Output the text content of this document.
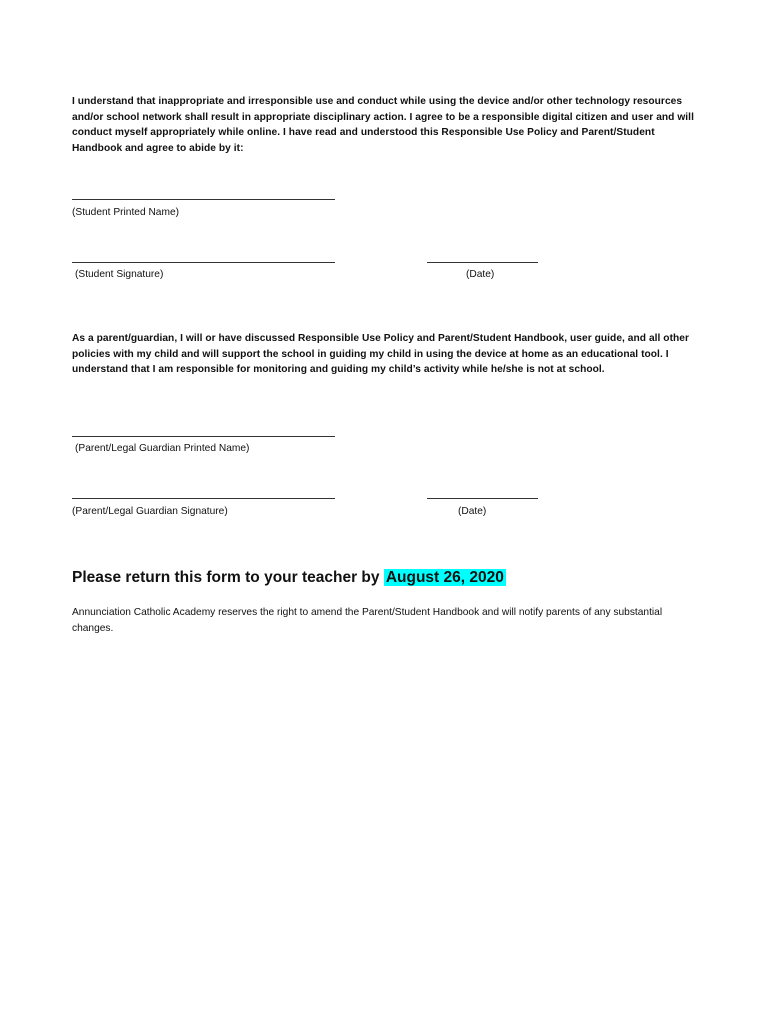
I understand that inappropriate and irresponsible use and conduct while using the device and/or other technology resources and/or school network shall result in appropriate disciplinary action. I agree to be a responsible digital citizen and user and will conduct myself appropriately while online. I have read and understood this Responsible Use Policy and Parent/Student Handbook and agree to abide by it:

(Student Printed Name)
(Student Signature)	(Date)

As a parent/guardian, I will or have discussed Responsible Use Policy and Parent/Student Handbook, user guide, and all other policies with my child and will support the school in guiding my child in using the device at home as an educational tool. I understand that I am responsible for monitoring and guiding my child’s activity while he/she is not at school.

(Parent/Legal Guardian Printed Name)
(Parent/Legal Guardian Signature)	(Date)
Please return this form to your teacher by August 26, 2020

Annunciation Catholic Academy reserves the right to amend the Parent/Student Handbook and will notify parents of any substantial changes.
